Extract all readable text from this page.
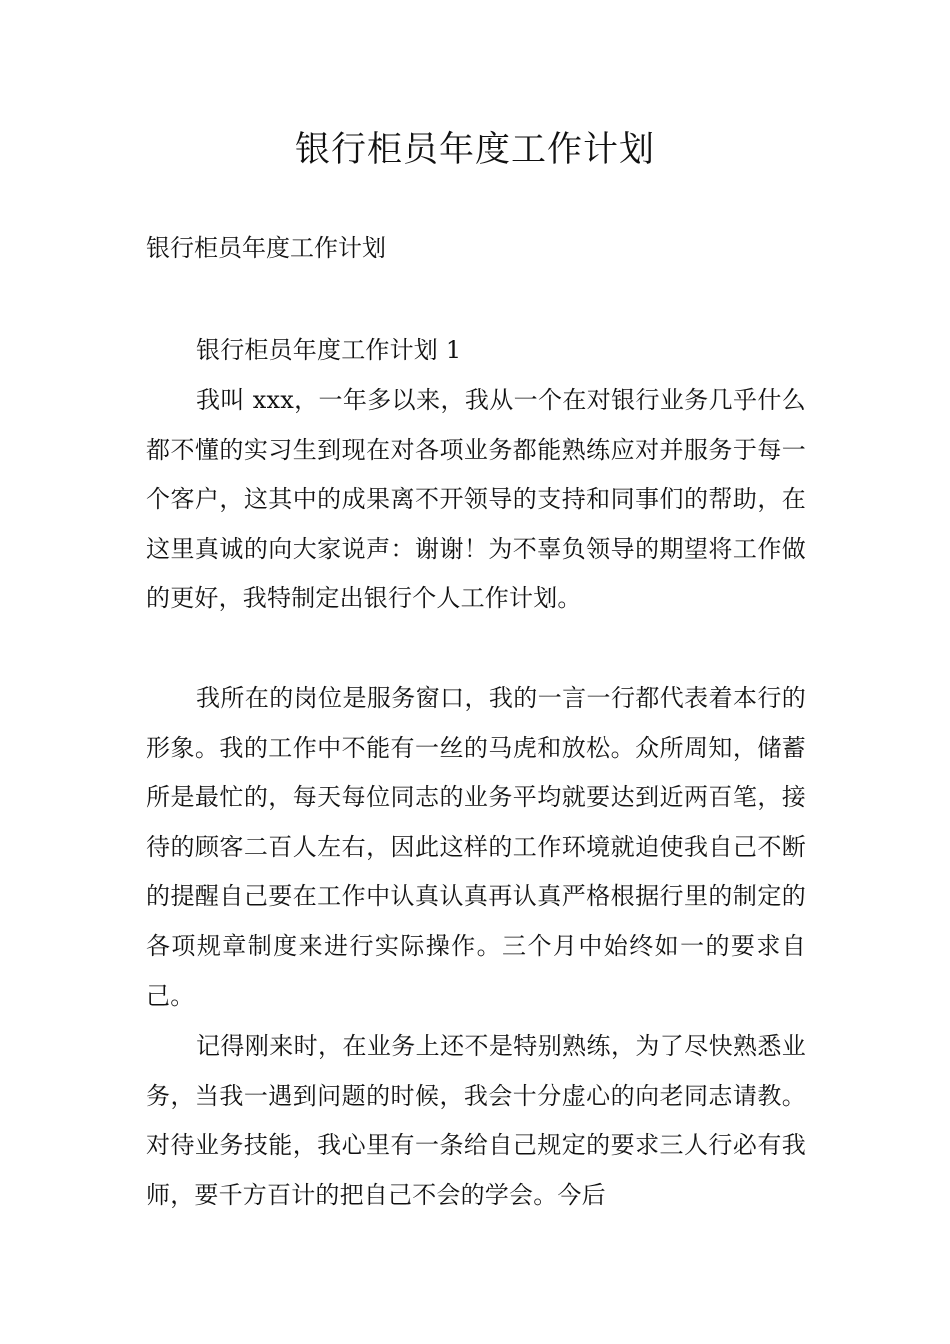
银行柜员年度工作计划
银行柜员年度工作计划
银行柜员年度工作计划 1
我叫 xxx，一年多以来，我从一个在对银行业务几乎什么都不懂的实习生到现在对各项业务都能熟练应对并服务于每一个客户，这其中的成果离不开领导的支持和同事们的帮助，在这里真诚的向大家说声：谢谢！为不辜负领导的期望将工作做的更好，我特制定出银行个人工作计划。
我所在的岗位是服务窗口，我的一言一行都代表着本行的形象。我的工作中不能有一丝的马虎和放松。众所周知，储蓄所是最忙的，每天每位同志的业务平均就要达到近两百笔，接待的顾客二百人左右，因此这样的工作环境就迫使我自己不断的提醒自己要在工作中认真认真再认真严格根据行里的制定的各项规章制度来进行实际操作。三个月中始终如一的要求自己。
记得刚来时，在业务上还不是特别熟练，为了尽快熟悉业务，当我一遇到问题的时候，我会十分虚心的向老同志请教。对待业务技能，我心里有一条给自己规定的要求三人行必有我师，要千方百计的把自己不会的学会。今后
